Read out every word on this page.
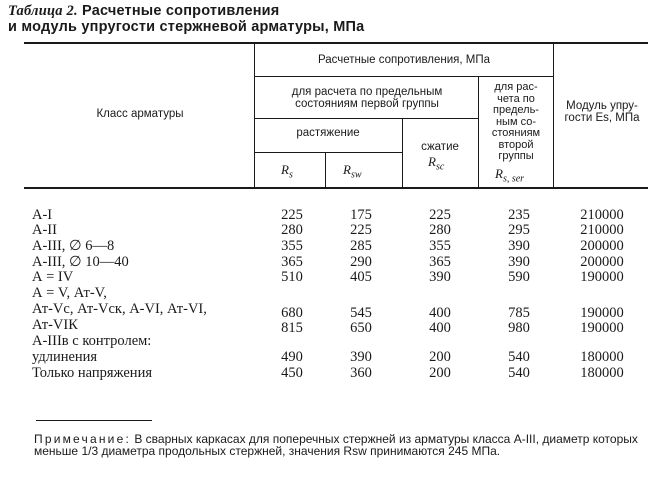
Таблица 2. Расчетные сопротивления
и модуль упругости стержневой арматуры, МПа
Класс арматуры
Расчетные сопротивления, МПа
для расчета по предельным состояниям первой группы
для рас-
чета по
предель-
ным со-
стояниям
второй
группы
Модуль упру-гости Es, МПа
растяжение
сжатие
$R_s$	$R_{sw}$
$R_{sc}$	$R_{s, ser}$
А-I	225	175	225	235	210000
А-II	280	225	280	295	210000
А-III, ∅ 6—8	355	285	355	390	200000
А-III, ∅ 10—40	365	290	365	390	200000
А = IV	510	405	390	590	190000
А = V, Ат-V,
Ат-Vc, Ат-Vск, А-VI, Ат-VI,	680	545	400	785	190000
Ат-VIК	815	650	400	980	190000
А-IIIв с контролем:
удлинения	490	390	200	540	180000
Только напряжения	450	360	200	540	180000
Примечание: В сварных каркасах для поперечных стержней из арматуры класса А-III, диаметр которых меньше 1/3 диаметра продольных стержней, значения Rsw принимаются 245 МПа.
